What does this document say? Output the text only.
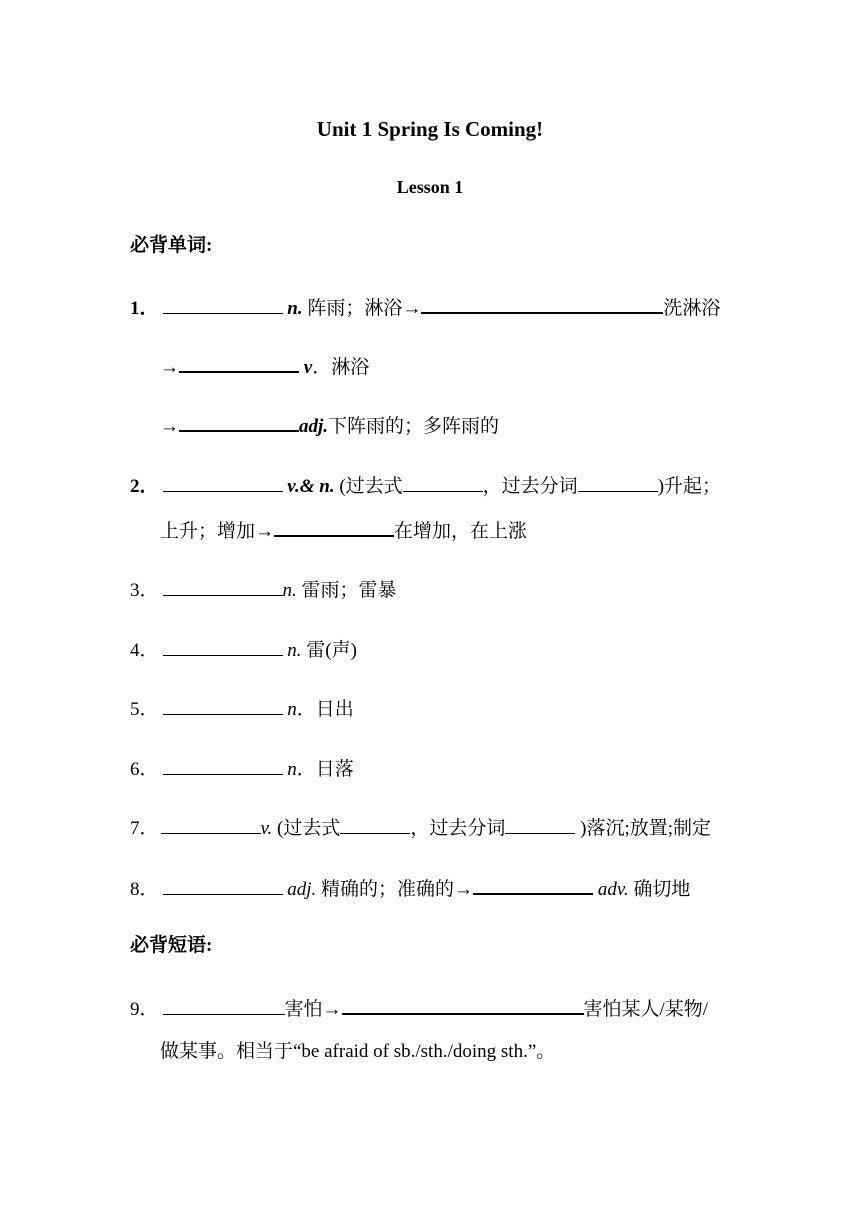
Unit 1 Spring Is Coming!
Lesson 1
必背单词:
1．	n. 阵雨；淋浴→	洗淋浴
→	v．淋浴
→	adj.下阵雨的；多阵雨的
2．	v.& n. (过去式	，过去分词	)升起；
上升；增加→	在增加，在上涨
3．	n. 雷雨；雷暴
4．	n. 雷(声)
5．	n．日出
6．	n．日落
7．	v. (过去式	，过去分词	)落沉;放置;制定
8．	adj. 精确的；准确的→	adv. 确切地
必背短语:
9．	害怕→	害怕某人/某物/
做某事。相当于“be afraid of sb./sth./doing sth.”。
